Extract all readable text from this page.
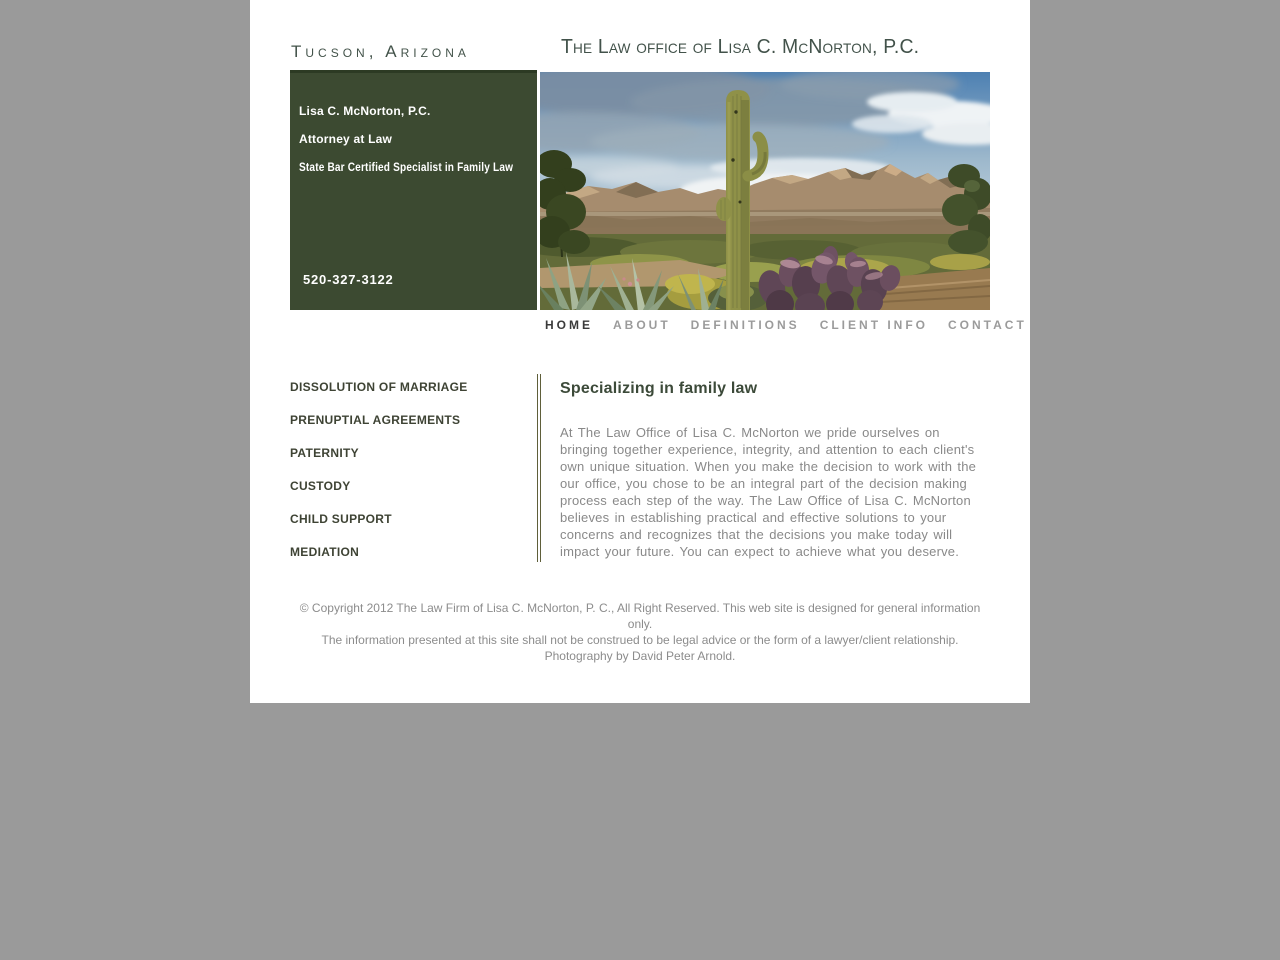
Tucson, Arizona	The Law office of Lisa C. McNorton, P.C.

Lisa C. McNorton, P.C.

Attorney at Law

State Bar Certified Specialist in Family Law

520-327-3122

HOME ABOUT DEFINITIONS CLIENT INFO CONTACT
DISSOLUTION OF MARRIAGE
PRENUPTIAL AGREEMENTS
PATERNITY
CUSTODY
CHILD SUPPORT
MEDIATION
Specializing in family law

At The Law Office of Lisa C. McNorton we pride ourselves on bringing together experience, integrity, and attention to each client's own unique situation. When you make the decision to work with the our office, you chose to be an integral part of the decision making process each step of the way. The Law Office of Lisa C. McNorton believes in establishing practical and effective solutions to your concerns and recognizes that the decisions you make today will impact your future. You can expect to achieve what you deserve.

© Copyright 2012 The Law Firm of Lisa C. McNorton, P. C., All Right Reserved. This web site is designed for general information only.

The information presented at this site shall not be construed to be legal advice or the form of a lawyer/client relationship.

Photography by David Peter Arnold.
